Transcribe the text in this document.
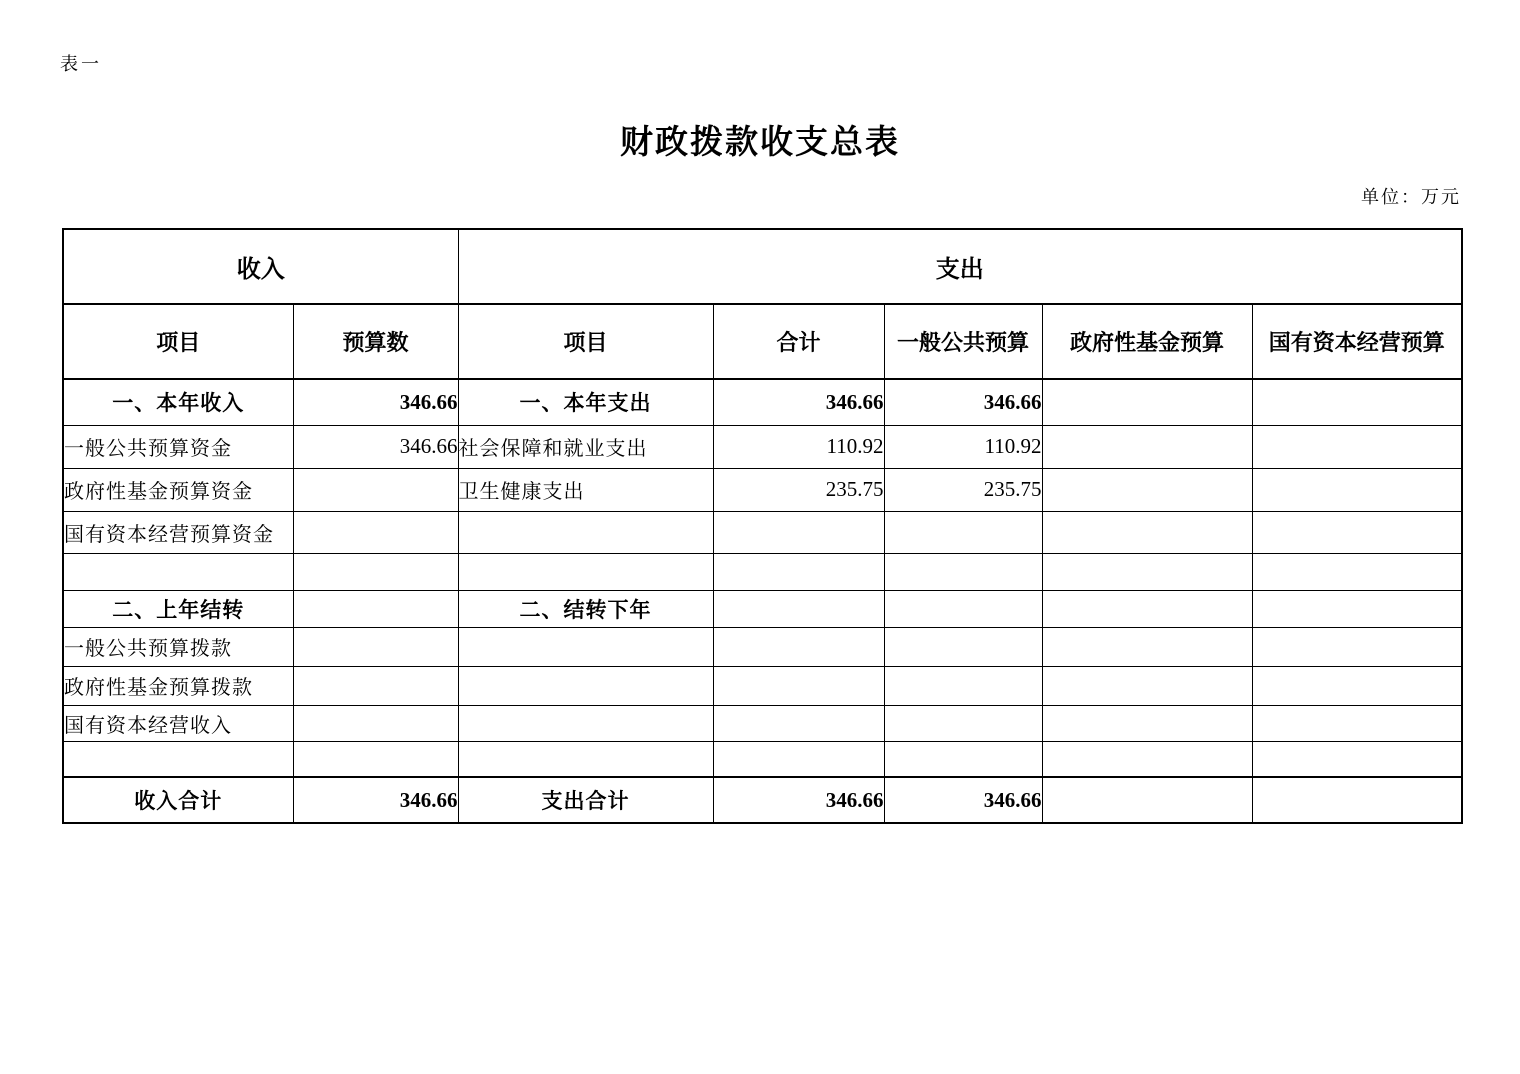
表一
财政拨款收支总表
单位：万元
收入		支出				
项目	预算数	项目	合计	一般公共预算	政府性基金预算	国有资本经营预算
一、本年收入	346.66	一、本年支出	346.66	346.66		
一般公共预算资金	346.66	社会保障和就业支出	110.92	110.92		
政府性基金预算资金		卫生健康支出	235.75	235.75		
国有资本经营预算资金						

二、上年结转		二、结转下年				
一般公共预算拨款						
政府性基金预算拨款						
国有资本经营收入						

收入合计	346.66	支出合计	346.66	346.66		
